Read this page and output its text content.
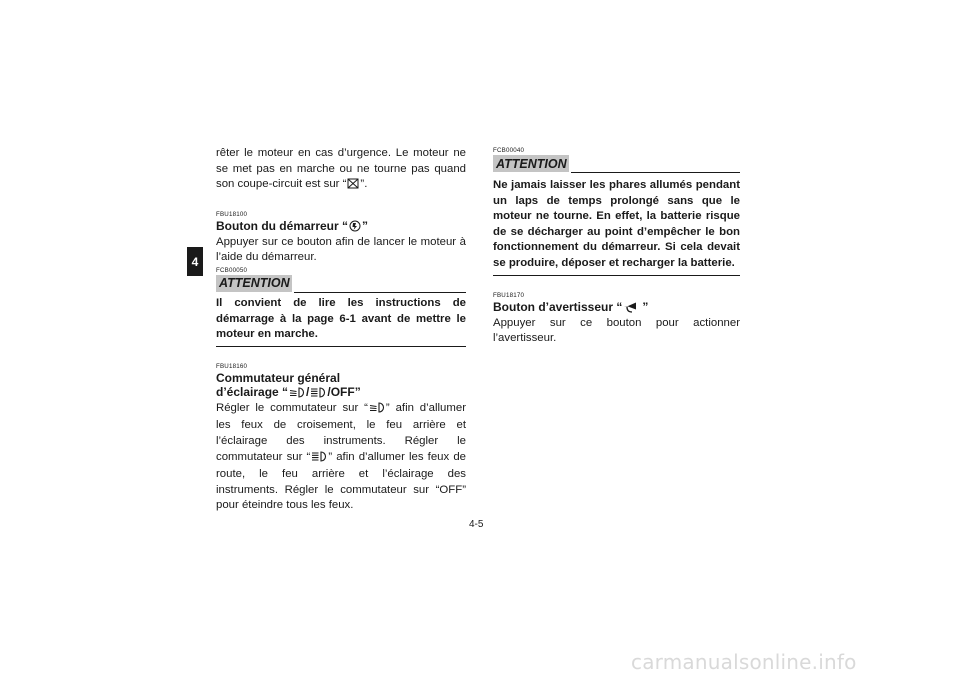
4

rêter le moteur en cas d’urgence. Le moteur ne se met pas en marche ou ne tourne pas quand son coupe-circuit est sur “ ”.

FBU18100

Bouton du démarreur “ ”

Appuyer sur ce bouton afin de lancer le moteur à l’aide du démarreur.

FCB00050

ATTENTION

Il convient de lire les instructions de démarrage à la page 6-1 avant de mettre le moteur en marche.

FBU18160

Commutateur général

d’éclairage “ / /OFF”

Régler le commutateur sur “ ” afin d’allumer les feux de croisement, le feu arrière et l’éclairage des instruments. Régler le commutateur sur “ ” afin d’allumer les feux de route, le feu arrière et l’éclairage des instruments. Régler le commutateur sur “OFF” pour éteindre tous les feux.

FCB00040

ATTENTION

Ne jamais laisser les phares allumés pendant un laps de temps prolongé sans que le moteur ne tourne. En effet, la batterie risque de se décharger au point d’empêcher le bon fonctionnement du démarreur. Si cela devait se produire, déposer et recharger la batterie.

FBU18170

Bouton d’avertisseur “ ”

Appuyer sur ce bouton pour actionner l’avertisseur.

4-5
carmanualsonline.info
